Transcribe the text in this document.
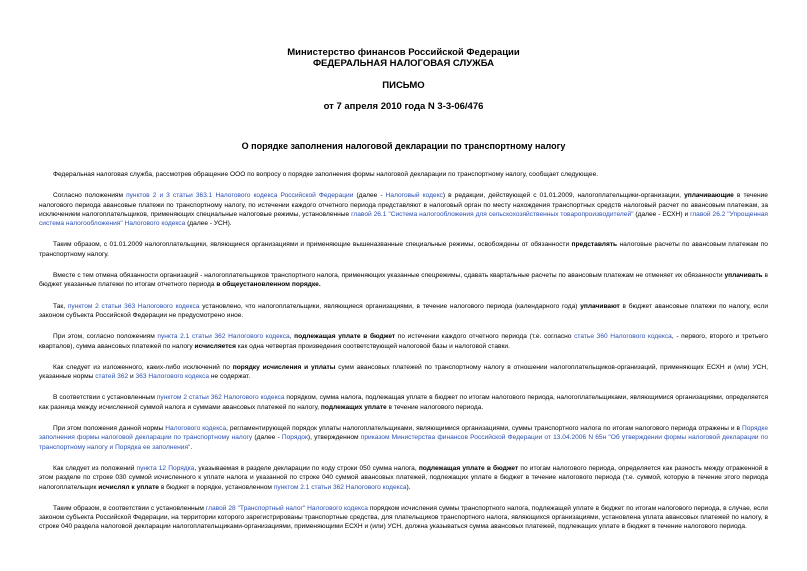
Министерство финансов Российской Федерации
ФЕДЕРАЛЬНАЯ НАЛОГОВАЯ СЛУЖБА
ПИСЬМО
от 7 апреля 2010 года N 3-3-06/476
О порядке заполнения налоговой декларации по транспортному налогу

Федеральная налоговая служба, рассмотрев обращение ООО по вопросу о порядке заполнения формы налоговой декларации по транспортному налогу, сообщает следующее.

Согласно положениям пунктов 2 и 3 статьи 363.1 Налогового кодекса Российской Федерации (далее - Налоговый кодекс) в редакции, действующей с 01.01.2009, налогоплательщики-организации, уплачивающие в течение налогового периода авансовые платежи по транспортному налогу, по истечении каждого отчетного периода представляют в налоговый орган по месту нахождения транспортных средств налоговый расчет по авансовым платежам, за исключением налогоплательщиков, применяющих специальные налоговые режимы, установленные главой 26.1 "Система налогообложения для сельскохозяйственных товаропроизводителей" (далее - ЕСХН) и главой 26.2 "Упрощенная система налогообложения" Налогового кодекса (далее - УСН).

Таким образом, с 01.01.2009 налогоплательщики, являющиеся организациями и применяющие вышеназванные специальные режимы, освобождены от обязанности представлять налоговые расчеты по авансовым платежам по транспортному налогу.

Вместе с тем отмена обязанности организаций - налогоплательщиков транспортного налога, применяющих указанные спецрежимы, сдавать квартальные расчеты по авансовым платежам не отменяет их обязанности уплачивать в бюджет указанные платежи по итогам отчетного периода в общеустановленном порядке.

Так, пунктом 2 статьи 363 Налогового кодекса установлено, что налогоплательщики, являющиеся организациями, в течение налогового периода (календарного года) уплачивают в бюджет авансовые платежи по налогу, если законом субъекта Российской Федерации не предусмотрено иное.

При этом, согласно положениям пункта 2.1 статьи 362 Налогового кодекса, подлежащая уплате в бюджет по истечении каждого отчетного периода (т.е. согласно статье 360 Налогового кодекса, - первого, второго и третьего кварталов), сумма авансовых платежей по налогу исчисляется как одна четвертая произведения соответствующей налоговой базы и налоговой ставки.

Как следует из изложенного, каких-либо исключений по порядку исчисления и уплаты сумм авансовых платежей по транспортному налогу в отношении налогоплательщиков-организаций, применяющих ЕСХН и (или) УСН, указанные нормы статей 362 и 363 Налогового кодекса не содержат.

В соответствии с установленным пунктом 2 статьи 362 Налогового кодекса порядком, сумма налога, подлежащая уплате в бюджет по итогам налогового периода, налогоплательщиками, являющимися организациями, определяется как разница между исчисленной суммой налога и суммами авансовых платежей по налогу, подлежащих уплате в течение налогового периода.

При этом положения данной нормы Налогового кодекса, регламентирующей порядок уплаты налогоплательщиками, являющимися организациями, суммы транспортного налога по итогам налогового периода отражены и в Порядке заполнения формы налоговой декларации по транспортному налогу (далее - Порядок), утвержденном приказом Министерства финансов Российской Федерации от 13.04.2006 N 65н "Об утверждении формы налоговой декларации по транспортному налогу и Порядка ее заполнения".

Как следует из положений пункта 12 Порядка, указываемая в разделе декларации по коду строки 050 сумма налога, подлежащая уплате в бюджет по итогам налогового периода, определяется как разность между отраженной в этом разделе по строке 030 суммой исчисленного к уплате налога и указанной по строке 040 суммой авансовых платежей, подлежащих уплате в бюджет в течение налогового периода (т.е. суммой, которую в течение этого периода налогоплательщик исчислял к уплате в бюджет в порядке, установленном пунктом 2.1 статьи 362 Налогового кодекса).

Таким образом, в соответствии с установленным главой 28 "Транспортный налог" Налогового кодекса порядком исчисления суммы транспортного налога, подлежащей уплате в бюджет по итогам налогового периода, в случае, если законом субъекта Российской Федерации, на территории которого зарегистрированы транспортные средства, для плательщиков транспортного налога, являющихся организациями, установлена уплата авансовых платежей по налогу, в строке 040 раздела налоговой декларации налогоплательщиками-организациями, применяющими ЕСХН и (или) УСН, должна указываться сумма авансовых платежей, подлежащих уплате в бюджет в течение налогового периода.
